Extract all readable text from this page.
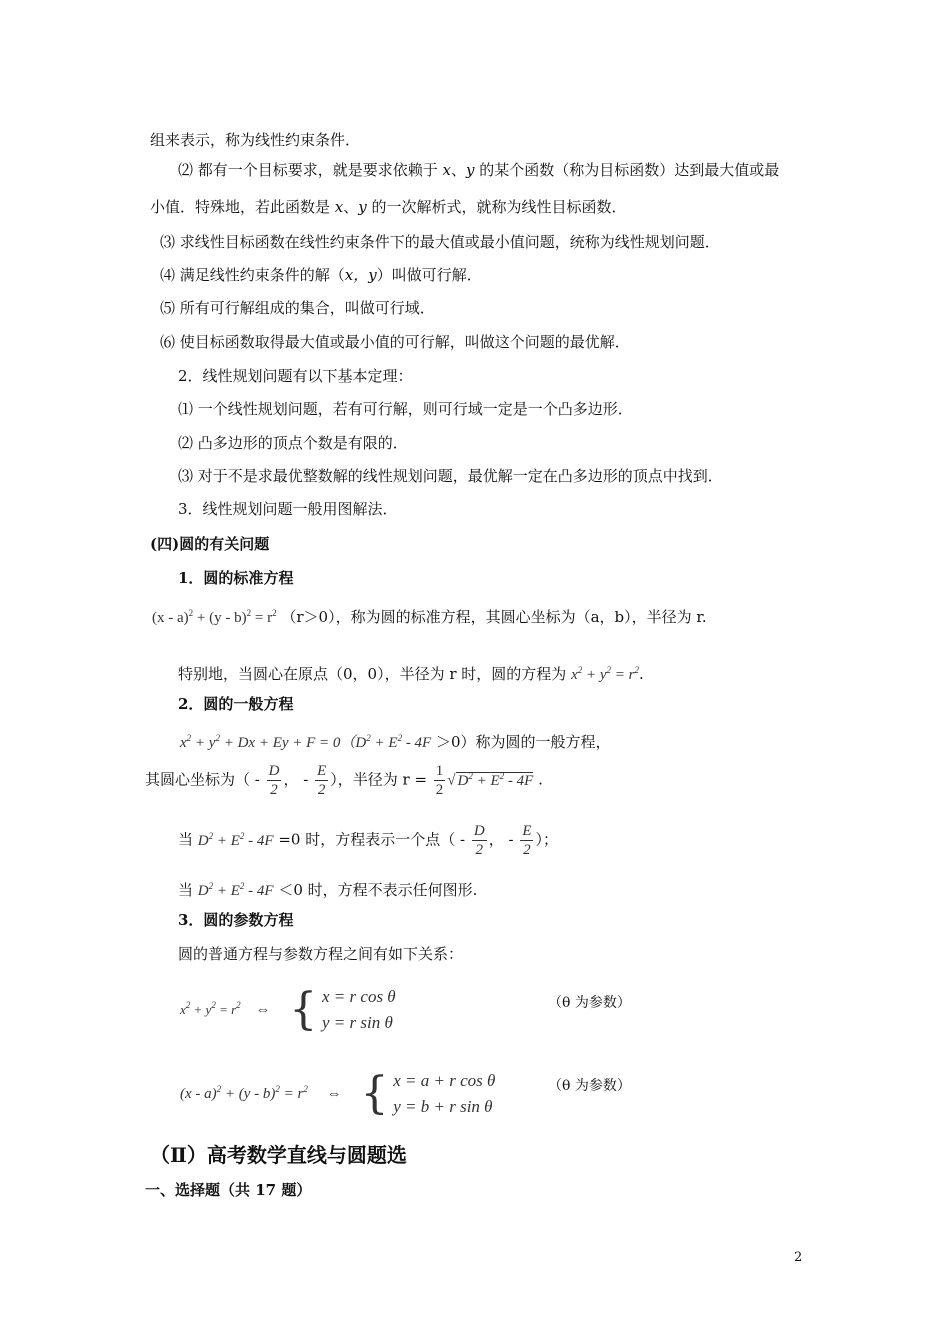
组来表示，称为线性约束条件．
⑵ 都有一个目标要求，就是要求依赖于 x、y 的某个函数（称为目标函数）达到最大值或最
小值．特殊地，若此函数是 x、y 的一次解析式，就称为线性目标函数．
⑶ 求线性目标函数在线性约束条件下的最大值或最小值问题，统称为线性规划问题．
⑷ 满足线性约束条件的解（x，y）叫做可行解．
⑸ 所有可行解组成的集合，叫做可行域．
⑹ 使目标函数取得最大值或最小值的可行解，叫做这个问题的最优解．
2．线性规划问题有以下基本定理：
⑴ 一个线性规划问题，若有可行解，则可行域一定是一个凸多边形．
⑵ 凸多边形的顶点个数是有限的．
⑶ 对于不是求最优整数解的线性规划问题，最优解一定在凸多边形的顶点中找到．
3．线性规划问题一般用图解法．
(四)圆的有关问题
1．圆的标准方程
$(x - a)^2 + (y - b)^2 = r^2$ （r＞0），称为圆的标准方程，其圆心坐标为（a，b），半径为 r.
特别地，当圆心在原点（0，0），半径为 r 时，圆的方程为 $x^2 + y^2 = r^2$.
2．圆的一般方程
$x^2 + y^2 + Dx + Ey + F = 0(D^2 + E^2 - 4F >0)$称为圆的一般方程，
其圆心坐标为（ - $\frac{D}{2}$ ， - $\frac{E}{2}$ ），半径为 $r = \frac{1}{2}$ √ $D^2 + E^2 - 4F$ .
当 $D^2 + E^2 - 4F =0$ 时，方程表示一个点（ - $\frac{D}{2}$ ， - $\frac{E}{2}$ ）；
当 $D^2 + E^2 - 4F <0$ 时，方程不表示任何图形.
3．圆的参数方程
圆的普通方程与参数方程之间有如下关系：
$x^2 + y^2 = r^2$ ⇔ { x = r cos θ
y = r sin θ
（θ 为参数）
$(x - a)^2 + (y - b)^2 = r^2$ ⇔ { x = a + r cos θ
y = b + r sin θ
（θ 为参数）
（Ⅱ）高考数学直线与圆题选
一、选择题（共 17 题）
2
